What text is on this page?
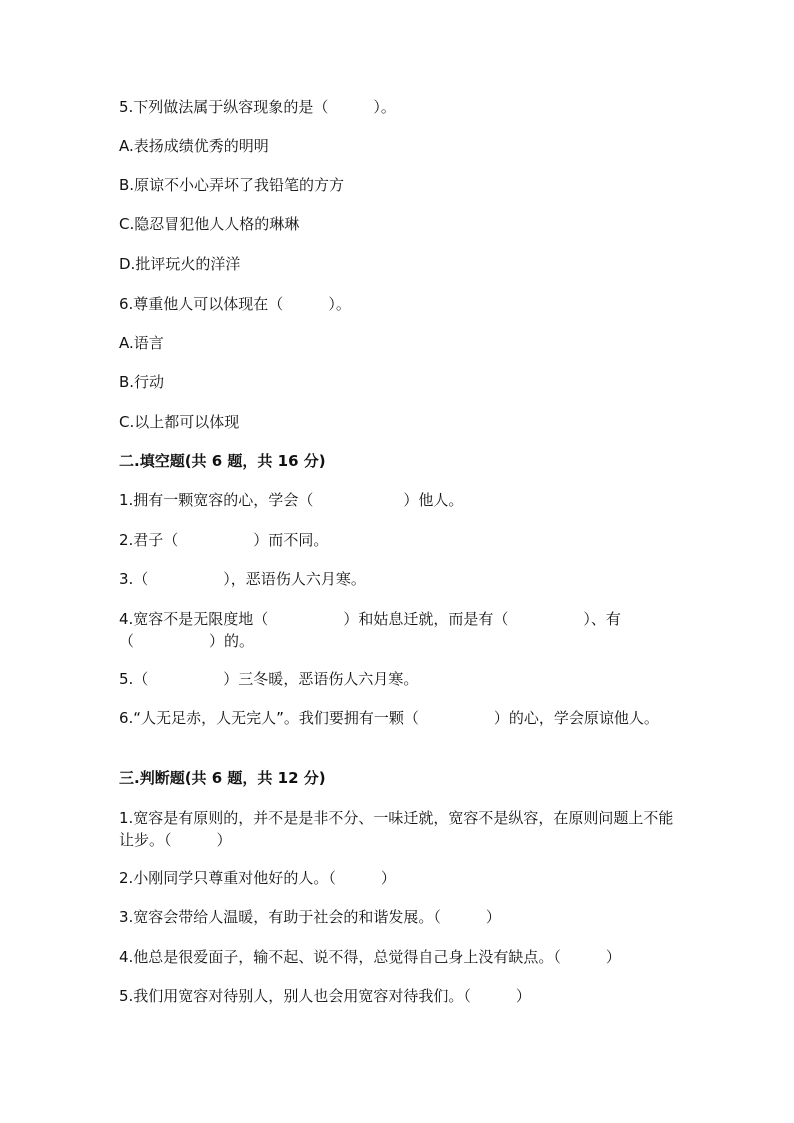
5.下列做法属于纵容现象的是（　　　）。
A.表扬成绩优秀的明明
B.原谅不小心弄坏了我铅笔的方方
C.隐忍冒犯他人人格的琳琳
D.批评玩火的洋洋
6.尊重他人可以体现在（　　　）。
A.语言
B.行动
C.以上都可以体现
二.填空题(共 6 题，共 16 分)
1.拥有一颗宽容的心，学会（　　　　　　）他人。
2.君子（　　　　　）而不同。
3.（　　　　　），恶语伤人六月寒。
4.宽容不是无限度地（　　　　　）和姑息迁就，而是有（　　　　　）、有（　　　　　）的。
5.（　　　　　）三冬暖，恶语伤人六月寒。
6.“人无足赤，人无完人”。我们要拥有一颗（　　　　　）的心，学会原谅他人。
三.判断题(共 6 题，共 12 分)
1.宽容是有原则的，并不是是非不分、一味迁就，宽容不是纵容，在原则问题上不能让步。（　　　）
2.小刚同学只尊重对他好的人。（　　　）
3.宽容会带给人温暖，有助于社会的和谐发展。（　　　）
4.他总是很爱面子，输不起、说不得，总觉得自己身上没有缺点。（　　　）
5.我们用宽容对待别人，别人也会用宽容对待我们。（　　　）
